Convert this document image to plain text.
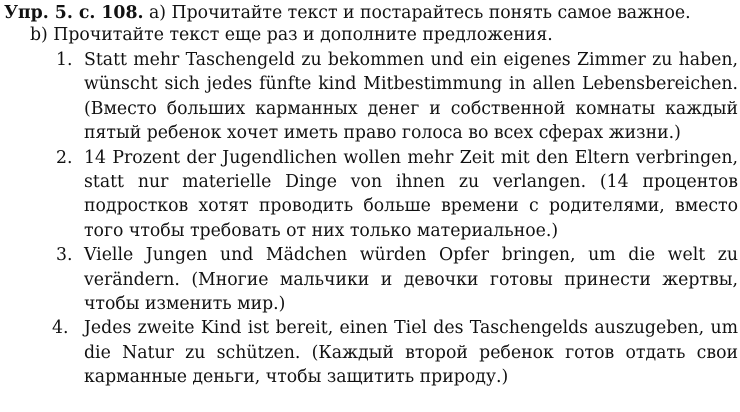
Упр. 5. с. 108. a) Прочитайте текст и постарайтесь понять самое важное.
b) Прочитайте текст еще раз и дополните предложения.
1. Statt mehr Taschengeld zu bekommen und ein eigenes Zimmer zu haben, wünscht sich jedes fünfte kind Mitbestimmung in allen Lebensbereichen. (Вместо больших карманных денег и собственной комнаты каждый пятый ребенок хочет иметь право голоса во всех сферах жизни.)
2. 14 Prozent der Jugendlichen wollen mehr Zeit mit den Eltern verbringen, statt nur materielle Dinge von ihnen zu verlangen. (14 процентов подростков хотят проводить больше времени с родителями, вместо того чтобы требовать от них только материальное.)
3. Vielle Jungen und Mädchen würden Opfer bringen, um die welt zu verändern. (Многие мальчики и девочки готовы принести жертвы, чтобы изменить мир.)
4. Jedes zweite Kind ist bereit, einen Tiel des Taschengelds auszugeben, um die Natur zu schützen. (Каждый второй ребенок готов отдать свои карманные деньги, чтобы защитить природу.)
